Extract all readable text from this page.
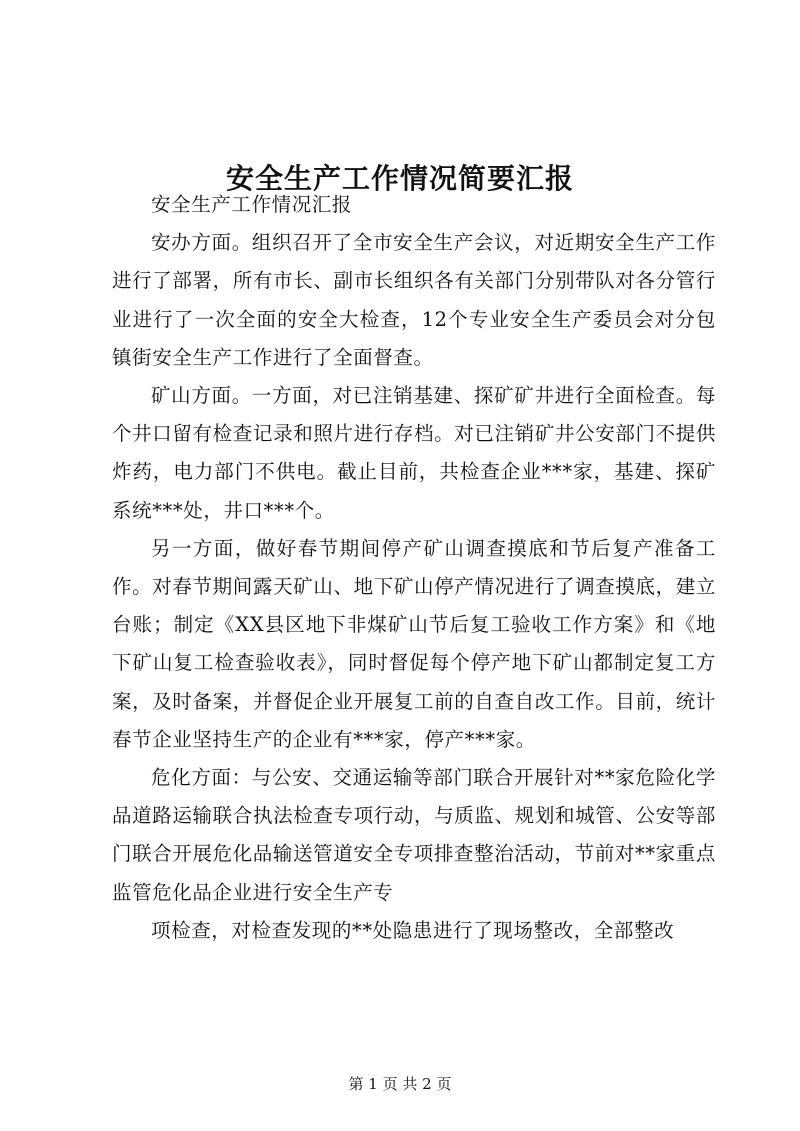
安全生产工作情况简要汇报

安全生产工作情况汇报

安办方面。组织召开了全市安全生产会议，对近期安全生产工作进行了部署，所有市长、副市长组织各有关部门分别带队对各分管行业进行了一次全面的安全大检查，12个专业安全生产委员会对分包镇街安全生产工作进行了全面督查。

矿山方面。一方面，对已注销基建、探矿矿井进行全面检查。每个井口留有检查记录和照片进行存档。对已注销矿井公安部门不提供炸药，电力部门不供电。截止目前，共检查企业***家，基建、探矿系统***处，井口***个。

另一方面，做好春节期间停产矿山调查摸底和节后复产准备工作。对春节期间露天矿山、地下矿山停产情况进行了调查摸底，建立台账；制定《XX县区地下非煤矿山节后复工验收工作方案》和《地下矿山复工检查验收表》，同时督促每个停产地下矿山都制定复工方案，及时备案，并督促企业开展复工前的自查自改工作。目前，统计春节企业坚持生产的企业有***家，停产***家。

危化方面：与公安、交通运输等部门联合开展针对**家危险化学品道路运输联合执法检查专项行动，与质监、规划和城管、公安等部门联合开展危化品输送管道安全专项排查整治活动，节前对**家重点监管危化品企业进行安全生产专

项检查，对检查发现的**处隐患进行了现场整改，全部整改

第 1 页 共 2 页
